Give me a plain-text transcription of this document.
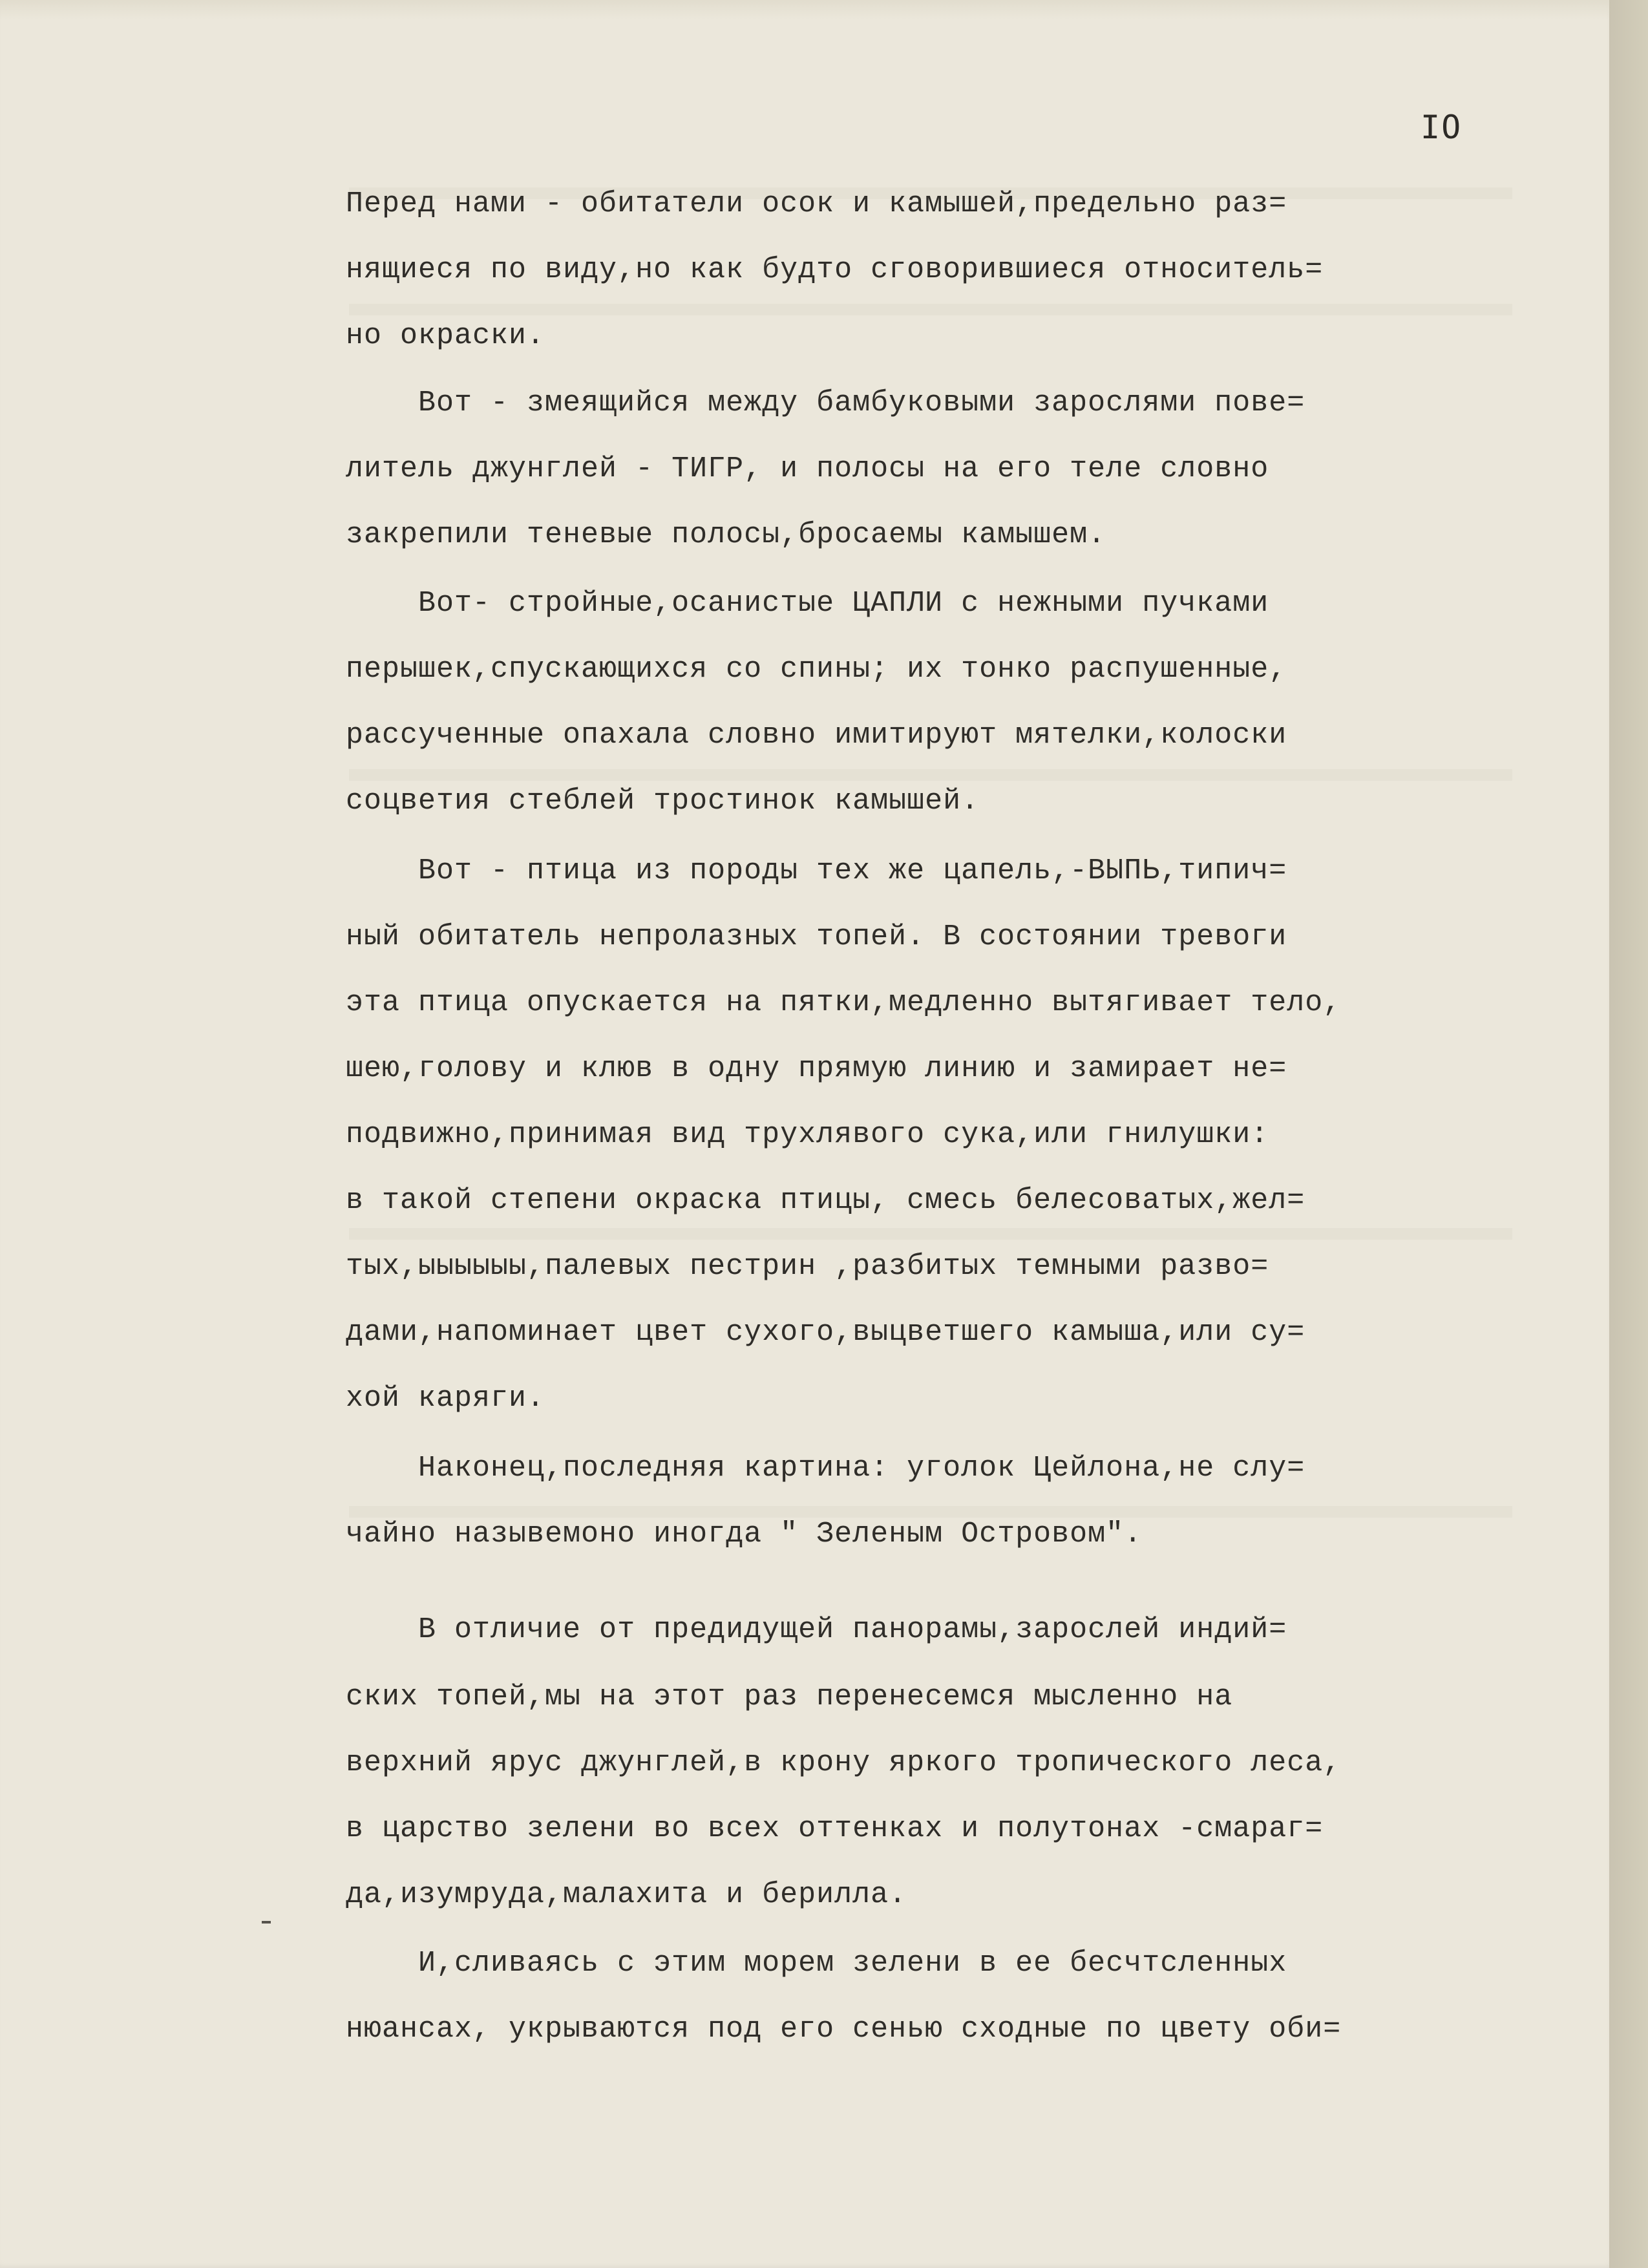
IO

Перед нами - обитатели осок и камышей,предельно раз=

нящиеся по виду,но как будто сговорившиеся относитель=

но окраски.

Вот - змеящийся между бамбуковыми зарослями пове=

литель джунглей - ТИГР, и полосы на его теле словно

закрепили теневые полосы,бросаемы камышем.

Вот- стройные,осанистые ЦАПЛИ с нежными пучками

перышек,спускающихся со спины; их тонко распушенные,

рассученные опахала словно имитируют мятелки,колоски

соцветия стеблей тростинок камышей.

Вот - птица из породы тех же цапель,-ВЫПЬ,типич=

ный обитатель непролазных топей. В состоянии тревоги

эта птица опускается на пятки,медленно вытягивает тело,

шею,голову и клюв в одну прямую линию и замирает не=

подвижно,принимая вид трухлявого сука,или гнилушки:

в такой степени окраска птицы, смесь белесоватых,жел=

тых,ыыыыыы,палевых пестрин ,разбитых темными разво=

дами,напоминает цвет сухого,выцветшего камыша,или су=

хой каряги.

Наконец,последняя картина: уголок Цейлона,не слу=

чайно назывемоно иногда " Зеленым Островом".

В отличие от предидущей панорамы,зарослей индий=

ских топей,мы на этот раз перенесемся мысленно на

верхний ярус джунглей,в крону яркого тропического леса,

в царство зелени во всех оттенках и полутонах -смараг=

да,изумруда,малахита и берилла.

И,сливаясь с этим морем зелени в ее бесчтсленных

нюансах, укрываются под его сенью сходные по цвету оби=
